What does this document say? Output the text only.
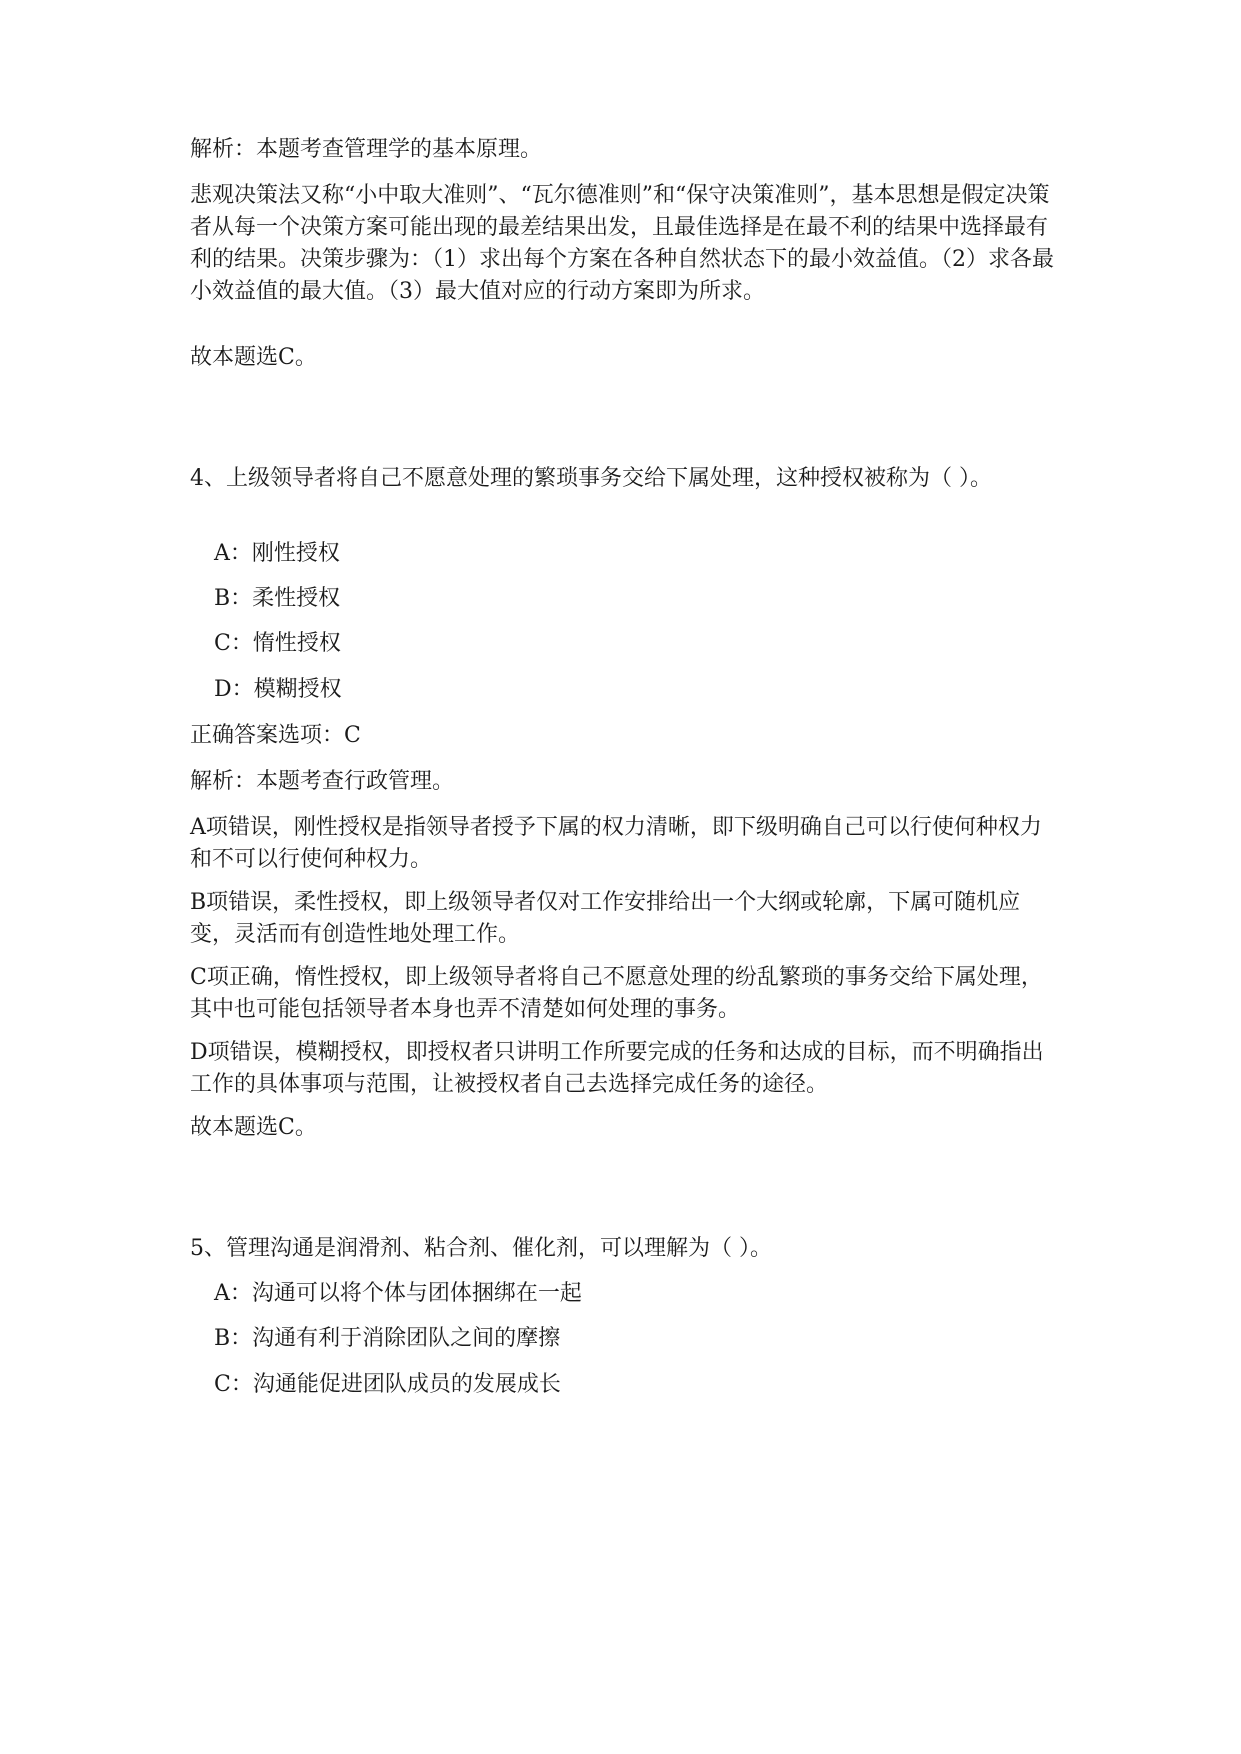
解析：本题考查管理学的基本原理。

悲观决策法又称“小中取大准则”、“瓦尔德准则”和“保守决策准则”，基本思想是假定决策者从每一个决策方案可能出现的最差结果出发，且最佳选择是在最不利的结果中选择最有利的结果。决策步骤为：（1）求出每个方案在各种自然状态下的最小效益值。（2）求各最小效益值的最大值。（3）最大值对应的行动方案即为所求。

故本题选C。

4、上级领导者将自己不愿意处理的繁琐事务交给下属处理，这种授权被称为（ ）。

A：刚性授权

B：柔性授权

C：惰性授权

D：模糊授权

正确答案选项：C

解析：本题考查行政管理。

A项错误，刚性授权是指领导者授予下属的权力清晰，即下级明确自己可以行使何种权力和不可以行使何种权力。

B项错误，柔性授权，即上级领导者仅对工作安排给出一个大纲或轮廓，下属可随机应变，灵活而有创造性地处理工作。

C项正确，惰性授权，即上级领导者将自己不愿意处理的纷乱繁琐的事务交给下属处理，其中也可能包括领导者本身也弄不清楚如何处理的事务。

D项错误，模糊授权，即授权者只讲明工作所要完成的任务和达成的目标，而不明确指出工作的具体事项与范围，让被授权者自己去选择完成任务的途径。

故本题选C。

5、管理沟通是润滑剂、粘合剂、催化剂，可以理解为（ ）。

A：沟通可以将个体与团体捆绑在一起

B：沟通有利于消除团队之间的摩擦

C：沟通能促进团队成员的发展成长
